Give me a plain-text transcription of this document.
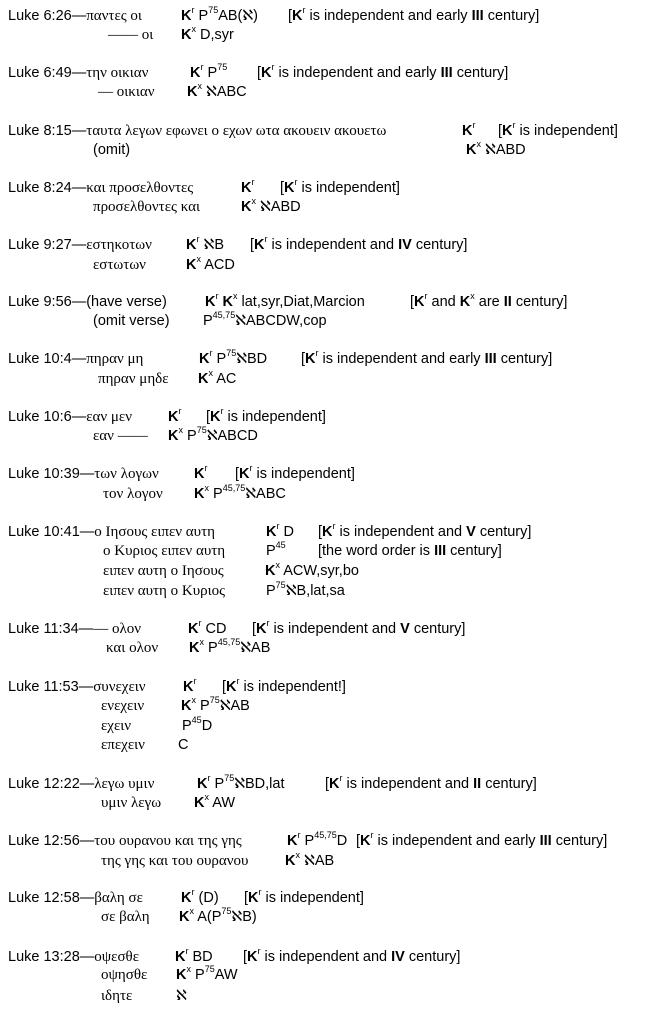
Luke 6:26—παντες οι	$K^r$ $P^{75}AB(ℵ)$ [$K^r$ is independent and early III century]
—— οι $K^x$ D,syr
Luke 6:49—την οικιαν	$K^r$ $P^{75}$ [$K^r$ is independent and early III century]
— οικιαν $K^x$ ℵABC
Luke 8:15—ταυτα λεγων εφωνει ο εχων ωτα ακουειν ακουετω	$K^r$ [$K^r$ is independent]
(omit)	$K^x$ ℵABD
Luke 8:24—και προσελθοντες	$K^r$ [$K^r$ is independent]
προσελθοντες και	$K^x$ ℵABD
Luke 9:27—εστηκοτων $K^r$ ℵB [$K^r$ is independent and IV century]
εστωτων	$K^x$ ACD
Luke 9:56—(have verse)	$K^r$ $K^x$ lat,syr,Diat,Marcion	[$K^r$ and $K^x$ are II century]
(omit verse) P$^{45,75}$ℵABCDW,cop
Luke 10:4—πηραν μη	$K^r$ $P^{75}ℵBD$ [$K^r$ is independent and early III century]
πηραν μηδε $K^x$ AC
Luke 10:6—εαν μεν $K^r$ [$K^r$ is independent]
εαν —— $K^x$ $P^{75}ℵABCD$
Luke 10:39—των λογων $K^r$ [$K^r$ is independent]
τον λογον $K^x$ P$^{45,75}$ℵABC
Luke 10:41—ο Ιησους ειπεν αυτη	$K^r$ D [$K^r$ is independent and V century]
ο Κυριος ειπεν αυτη	$P^{45}$ [the word order is III century]
ειπεν αυτη ο Ιησους	$K^x$ ACW,syr,bo
ειπεν αυτη ο Κυριος	$P^{75}ℵB,lat,sa$
Luke 11:34—— ολον	$K^r$ CD [$K^r$ is independent and V century]
και ολον $K^x$ P$^{45,75}$ℵAB
Luke 11:53—συνεχειν	$K^r$ [$K^r$ is independent!]
ενεχειν	$K^x$ $P^{75}ℵAB$
εχειν	$P^{45}D$
επεχειν C
Luke 12:22—λεγω υμιν	$K^r$ $P^{75}ℵBD,lat$	[$K^r$ is independent and II century]
υμιν λεγω $K^x$ AW
Luke 12:56—του ουρανου και της γης	$K^r$ P$^{45,75}$D [$K^r$ is independent and early III century]
της γης και του ουρανου	$K^x$ ℵAB
Luke 12:58—βαλη σε	$K^r$ (D) [$K^r$ is independent]
σε βαλη $K^x$ $A(P^{75}ℵB)$
Luke 13:28—οψεσθε $K^r$ BD [$K^r$ is independent and IV century]
οψησθε $K^x$ $P^{75}AW$
ιδητε	ℵ
